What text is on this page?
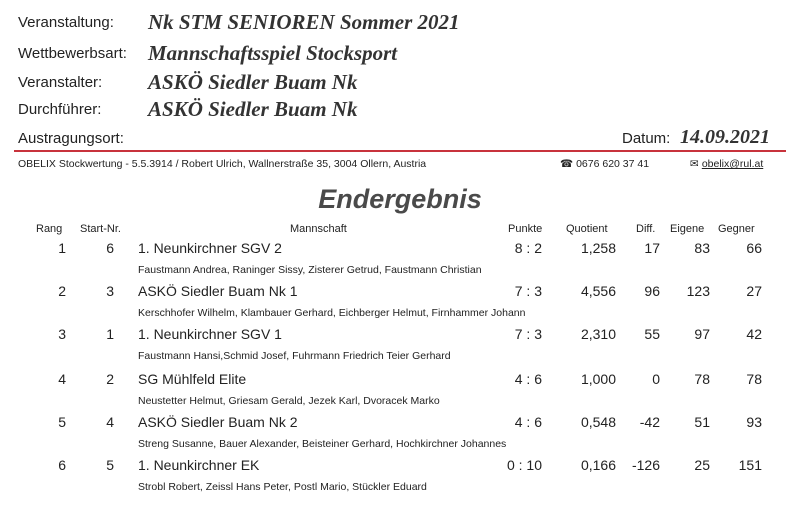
Veranstaltung: Nk STM SENIOREN Sommer 2021
Wettbewerbsart: Mannschaftsspiel Stocksport
Veranstalter: ASKÖ Siedler Buam Nk
Durchführer: ASKÖ Siedler Buam Nk
Austragungsort:	Datum: 14.09.2021
OBELIX Stockwertung - 5.5.3914 / Robert Ulrich, Wallnerstraße 35, 3004 Ollern, Austria	☎ 0676 620 37 41	✉ obelix@rul.at
Endergebnis
Rang Start-Nr.	Mannschaft	Punkte Quotient	Diff. Eigene Gegner
1	6 1. Neunkirchner SGV 2	8 : 2	1,258	17	83	66
Faustmann Andrea, Raninger Sissy, Zisterer Getrud, Faustmann Christian
2	3 ASKÖ Siedler Buam Nk 1	7 : 3	4,556	96	123	27
Kerschhofer Wilhelm, Klambauer Gerhard, Eichberger Helmut, Firnhammer Johann
3	1 1. Neunkirchner SGV 1	7 : 3	2,310	55	97	42
Faustmann Hansi,Schmid Josef, Fuhrmann Friedrich Teier Gerhard
4	2 SG Mühlfeld Elite	4 : 6	1,000	0	78	78
Neustetter Helmut, Griesam Gerald, Jezek Karl, Dvoracek Marko
5	4 ASKÖ Siedler Buam Nk 2	4 : 6	0,548	-42	51	93
Streng Susanne, Bauer Alexander, Beisteiner Gerhard, Hochkirchner Johannes
6	5 1. Neunkirchner EK	0 : 10	0,166	-126	25	151
Strobl Robert, Zeissl Hans Peter, Postl Mario, Stückler Eduard
